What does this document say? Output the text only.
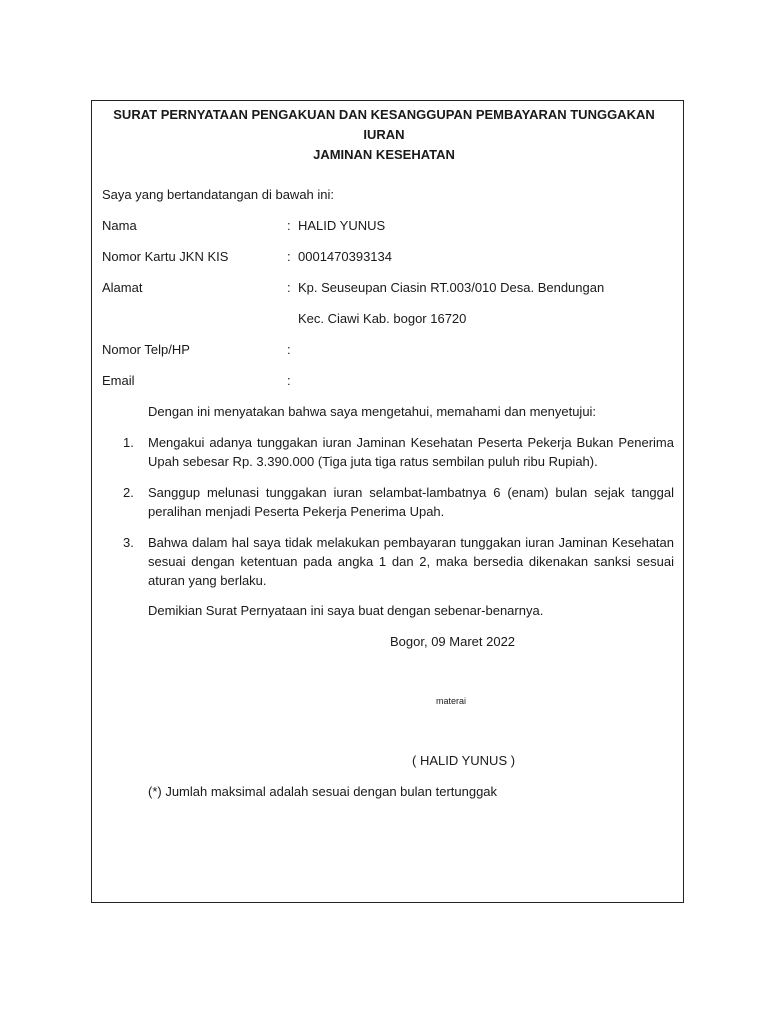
SURAT PERNYATAAN PENGAKUAN DAN KESANGGUPAN PEMBAYARAN TUNGGAKAN IURAN
JAMINAN KESEHATAN
Saya yang bertandatangan di bawah ini:
Nama	: HALID YUNUS
Nomor Kartu JKN KIS	: 0001470393134
Alamat	: Kp. Seuseupan Ciasin RT.003/010 Desa. Bendungan
Kec. Ciawi Kab. bogor 16720
Nomor Telp/HP	:
Email	:
Dengan ini menyatakan bahwa saya mengetahui, memahami dan menyetujui:
1. Mengakui adanya tunggakan iuran Jaminan Kesehatan Peserta Pekerja Bukan Penerima Upah sebesar Rp. 3.390.000 (Tiga juta tiga ratus sembilan puluh ribu Rupiah).
2. Sanggup melunasi tunggakan iuran selambat-lambatnya 6 (enam) bulan sejak tanggal peralihan menjadi Peserta Pekerja Penerima Upah.
3. Bahwa dalam hal saya tidak melakukan pembayaran tunggakan iuran Jaminan Kesehatan sesuai dengan ketentuan pada angka 1 dan 2, maka bersedia dikenakan sanksi sesuai aturan yang berlaku.
Demikian Surat Pernyataan ini saya buat dengan sebenar-benarnya.
Bogor, 09 Maret 2022
materai
( HALID YUNUS )
(*) Jumlah maksimal adalah sesuai dengan bulan tertunggak
